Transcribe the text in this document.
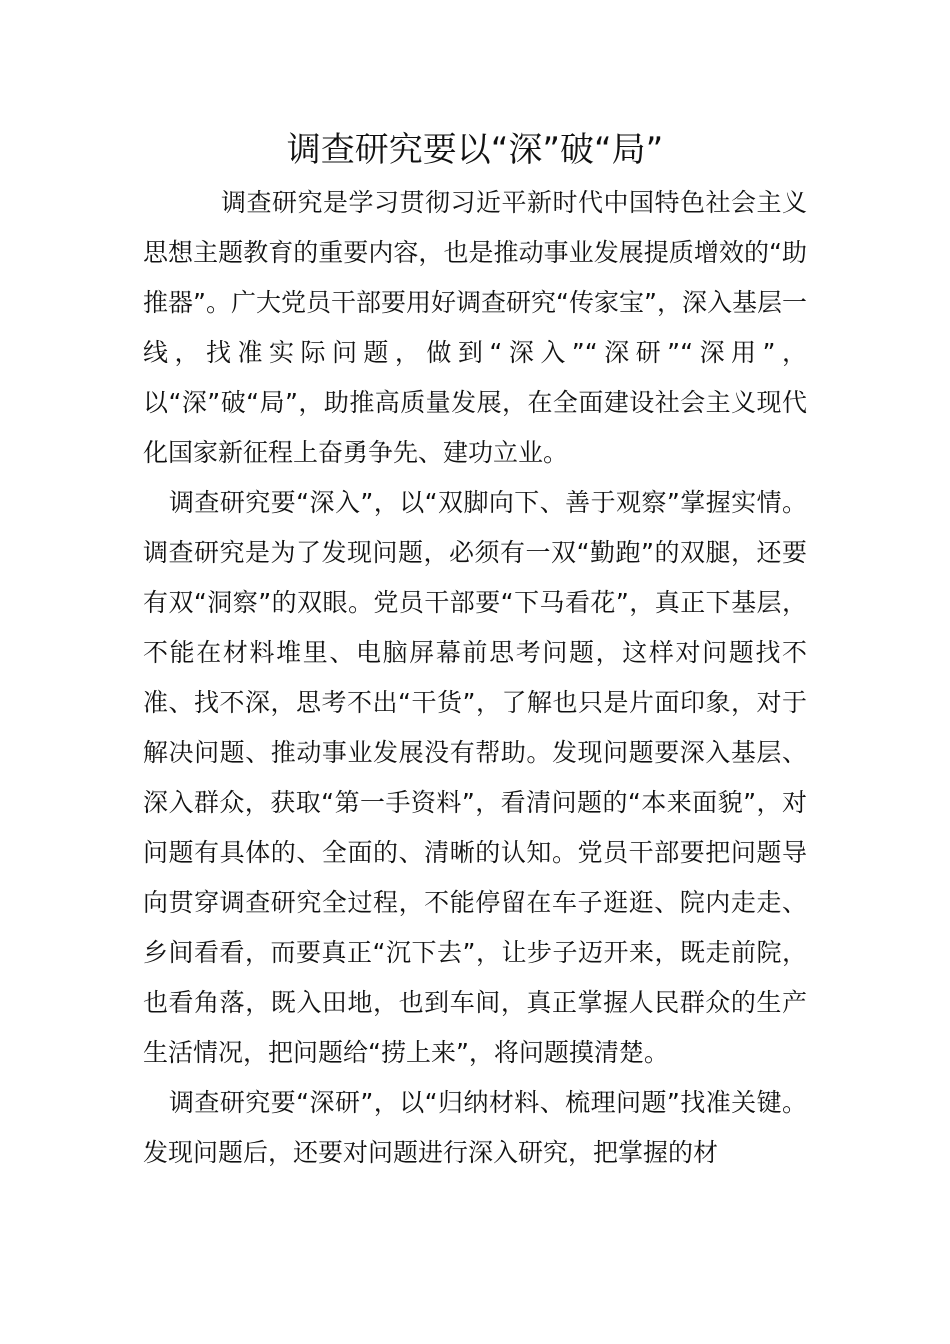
调查研究要以“深”破“局”

调查研究是学习贯彻习近平新时代中国特色社会主义思想主题教育的重要内容，也是推动事业发展提质增效的“助推器”。广大党员干部要用好调查研究“传家宝”，深入基层一线，找准实际问题，做到“深入”“深研”“深用”，以“深”破“局”，助推高质量发展，在全面建设社会主义现代化国家新征程上奋勇争先、建功立业。

调查研究要“深入”，以“双脚向下、善于观察”掌握实情。调查研究是为了发现问题，必须有一双“勤跑”的双腿，还要有双“洞察”的双眼。党员干部要“下马看花”，真正下基层，不能在材料堆里、电脑屏幕前思考问题，这样对问题找不准、找不深，思考不出“干货”，了解也只是片面印象，对于解决问题、推动事业发展没有帮助。发现问题要深入基层、深入群众，获取“第一手资料”，看清问题的“本来面貌”，对问题有具体的、全面的、清晰的认知。党员干部要把问题导向贯穿调查研究全过程，不能停留在车子逛逛、院内走走、乡间看看，而要真正“沉下去”，让步子迈开来，既走前院，也看角落，既入田地，也到车间，真正掌握人民群众的生产生活情况，把问题给“捞上来”，将问题摸清楚。

调查研究要“深研”，以“归纳材料、梳理问题”找准关键。发现问题后，还要对问题进行深入研究，把掌握的材
